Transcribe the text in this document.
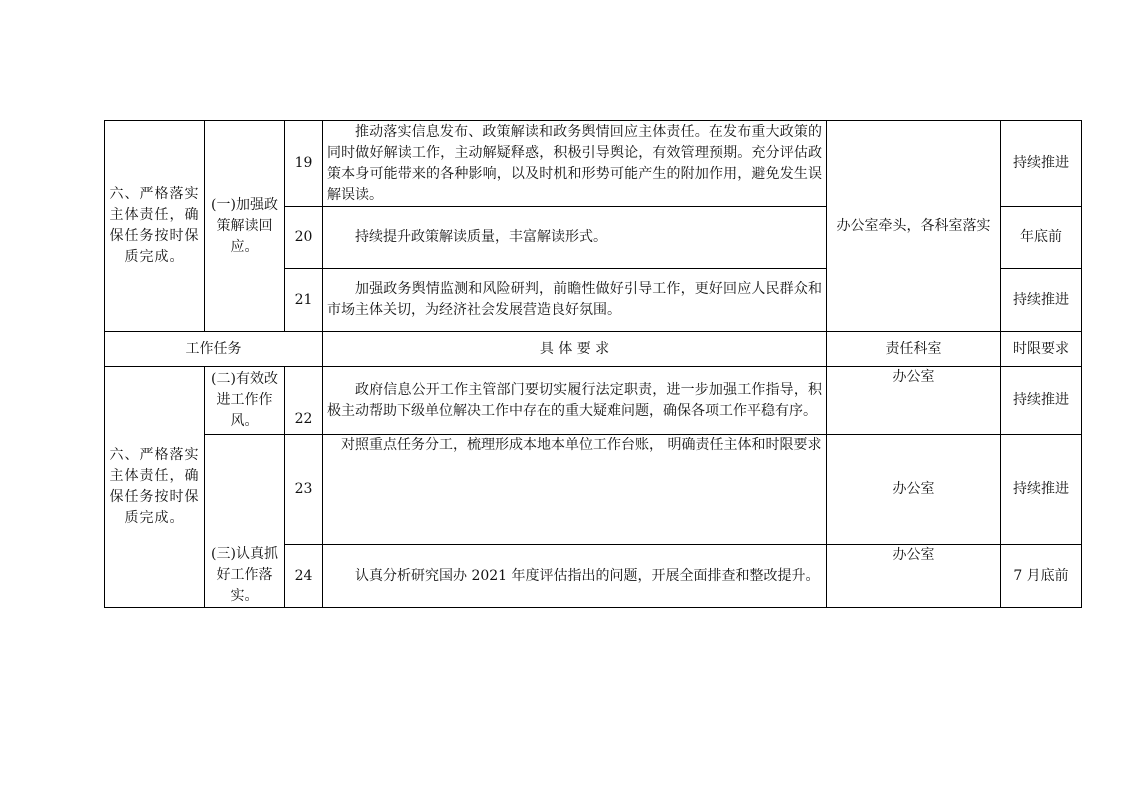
六、严格落实主体责任，确保任务按时保质完成。	(一)加强政策解读回应。	19	推动落实信息发布、政策解读和政务舆情回应主体责任。在发布重大政策的同时做好解读工作，主动解疑释惑，积极引导舆论，有效管理预期。充分评估政策本身可能带来的各种影响，以及时机和形势可能产生的附加作用，避免发生误解误读。	办公室牵头，各科室落实	持续推进
		20	持续提升政策解读质量，丰富解读形式。		年底前
		21	加强政务舆情监测和风险研判，前瞻性做好引导工作，更好回应人民群众和市场主体关切，为经济社会发展营造良好氛围。		持续推进
工作任务			具 体 要 求	责任科室	时限要求
六、严格落实主体责任，确保任务按时保质完成。	(二)有效改进工作作风。	22	政府信息公开工作主管部门要切实履行法定职责，进一步加强工作指导，积极主动帮助下级单位解决工作中存在的重大疑难问题，确保各项工作平稳有序。	办公室	持续推进
	(三)认真抓好工作落实。	23	对照重点任务分工，梳理形成本地本单位工作台账， 明确责任主体和时限要求	办公室	持续推进
		24	认真分析研究国办 2021 年度评估指出的问题，开展全面排查和整改提升。	办公室	7 月底前
